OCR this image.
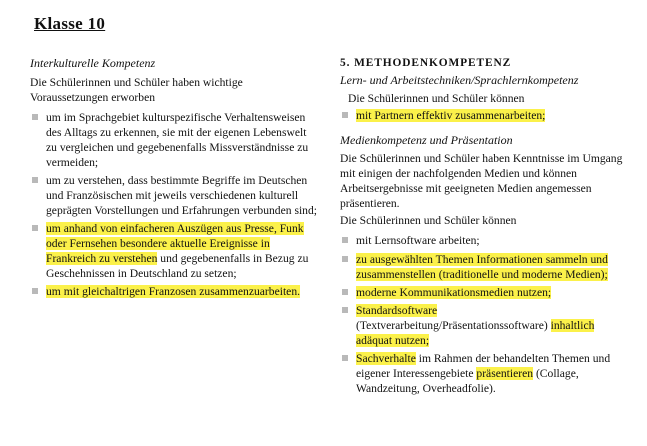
Klasse 10

Interkulturelle Kompetenz

Die Schülerinnen und Schüler haben wichtige Voraussetzungen erworben

um im Sprachgebiet kulturspezifische Verhaltensweisen des Alltags zu erkennen, sie mit der eigenen Lebenswelt zu vergleichen und gegebenenfalls Missverständnisse zu vermeiden;
um zu verstehen, dass bestimmte Begriffe im Deutschen und Französischen mit jeweils verschiedenen kulturell geprägten Vorstellungen und Erfahrungen verbunden sind;
um anhand von einfacheren Auszügen aus Presse, Funk oder Fernsehen besondere aktuelle Ereignisse in Frankreich zu verstehen und gegebenenfalls in Bezug zu Geschehnissen in Deutschland zu setzen;
um mit gleichaltrigen Franzosen zusammenzuarbeiten.

5. METHODENKOMPETENZ

Lern- und Arbeitstechniken/Sprachlernkompetenz

Die Schülerinnen und Schüler können

mit Partnern effektiv zusammenarbeiten;

Medienkompetenz und Präsentation

Die Schülerinnen und Schüler haben Kenntnisse im Umgang mit einigen der nachfolgenden Medien und können Arbeitsergebnisse mit geeigneten Medien angemessen präsentieren.

Die Schülerinnen und Schüler können

mit Lernsoftware arbeiten;
zu ausgewählten Themen Informationen sammeln und zusammenstellen (traditionelle und moderne Medien);
moderne Kommunikationsmedien nutzen;
Standardsoftware (Textverarbeitung/Präsentationssoftware) inhaltlich adäquat nutzen;
Sachverhalte im Rahmen der behandelten Themen und eigener Interessengebiete präsentieren (Collage, Wandzeitung, Overheadfolie).
